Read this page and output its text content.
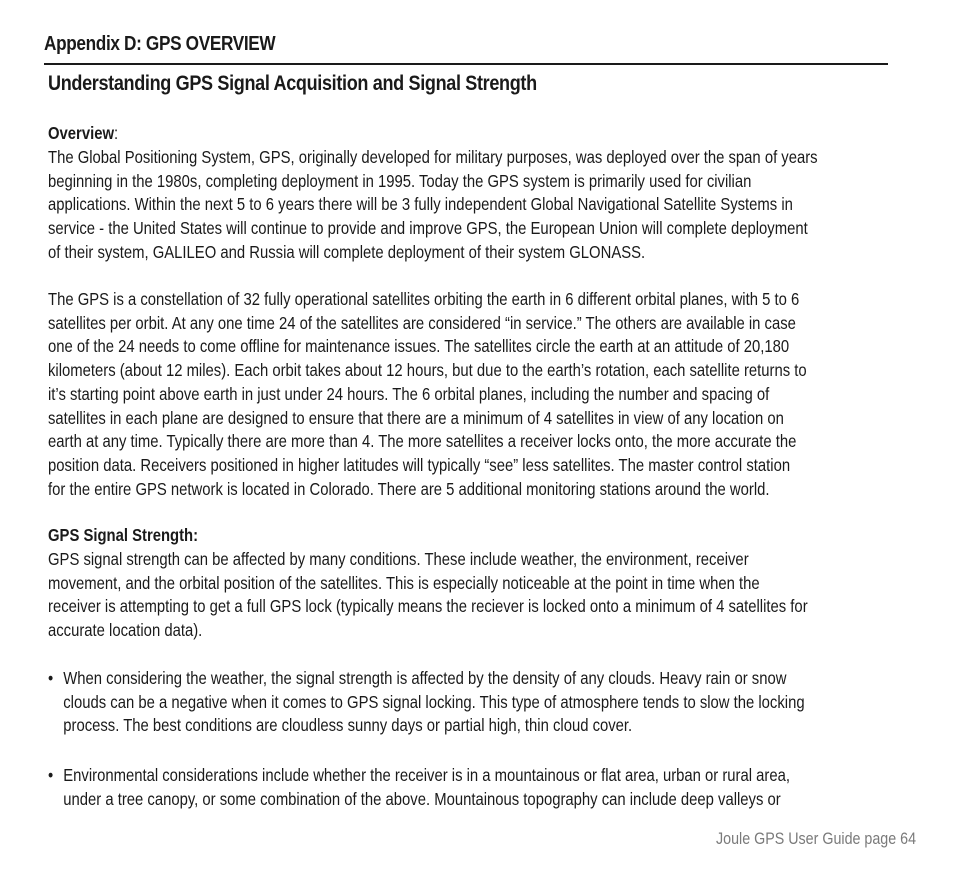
Appendix D: GPS OVERVIEW
Understanding GPS Signal Acquisition and Signal Strength
Overview:
The Global Positioning System, GPS, originally developed for military purposes, was deployed over the span of years
beginning in the 1980s, completing deployment in 1995. Today the GPS system is primarily used for civilian
applications. Within the next 5 to 6 years there will be 3 fully independent Global Navigational Satellite Systems in
service - the United States will continue to provide and improve GPS, the European Union will complete deployment
of their system, GALILEO and Russia will complete deployment of their system GLONASS.
The GPS is a constellation of 32 fully operational satellites orbiting the earth in 6 different orbital planes, with 5 to 6
satellites per orbit. At any one time 24 of the satellites are considered “in service.” The others are available in case
one of the 24 needs to come offline for maintenance issues. The satellites circle the earth at an attitude of 20,180
kilometers (about 12 miles). Each orbit takes about 12 hours, but due to the earth’s rotation, each satellite returns to
it’s starting point above earth in just under 24 hours. The 6 orbital planes, including the number and spacing of
satellites in each plane are designed to ensure that there are a minimum of 4 satellites in view of any location on
earth at any time. Typically there are more than 4. The more satellites a receiver locks onto, the more accurate the
position data. Receivers positioned in higher latitudes will typically “see” less satellites. The master control station
for the entire GPS network is located in Colorado. There are 5 additional monitoring stations around the world.
GPS Signal Strength:
GPS signal strength can be affected by many conditions. These include weather, the environment, receiver
movement, and the orbital position of the satellites. This is especially noticeable at the point in time when the
receiver is attempting to get a full GPS lock (typically means the reciever is locked onto a minimum of 4 satellites for
accurate location data).
• When considering the weather, the signal strength is affected by the density of any clouds. Heavy rain or snow
clouds can be a negative when it comes to GPS signal locking. This type of atmosphere tends to slow the locking
process. The best conditions are cloudless sunny days or partial high, thin cloud cover.
• Environmental considerations include whether the receiver is in a mountainous or flat area, urban or rural area,
under a tree canopy, or some combination of the above. Mountainous topography can include deep valleys or
Joule GPS User Guide page 64
